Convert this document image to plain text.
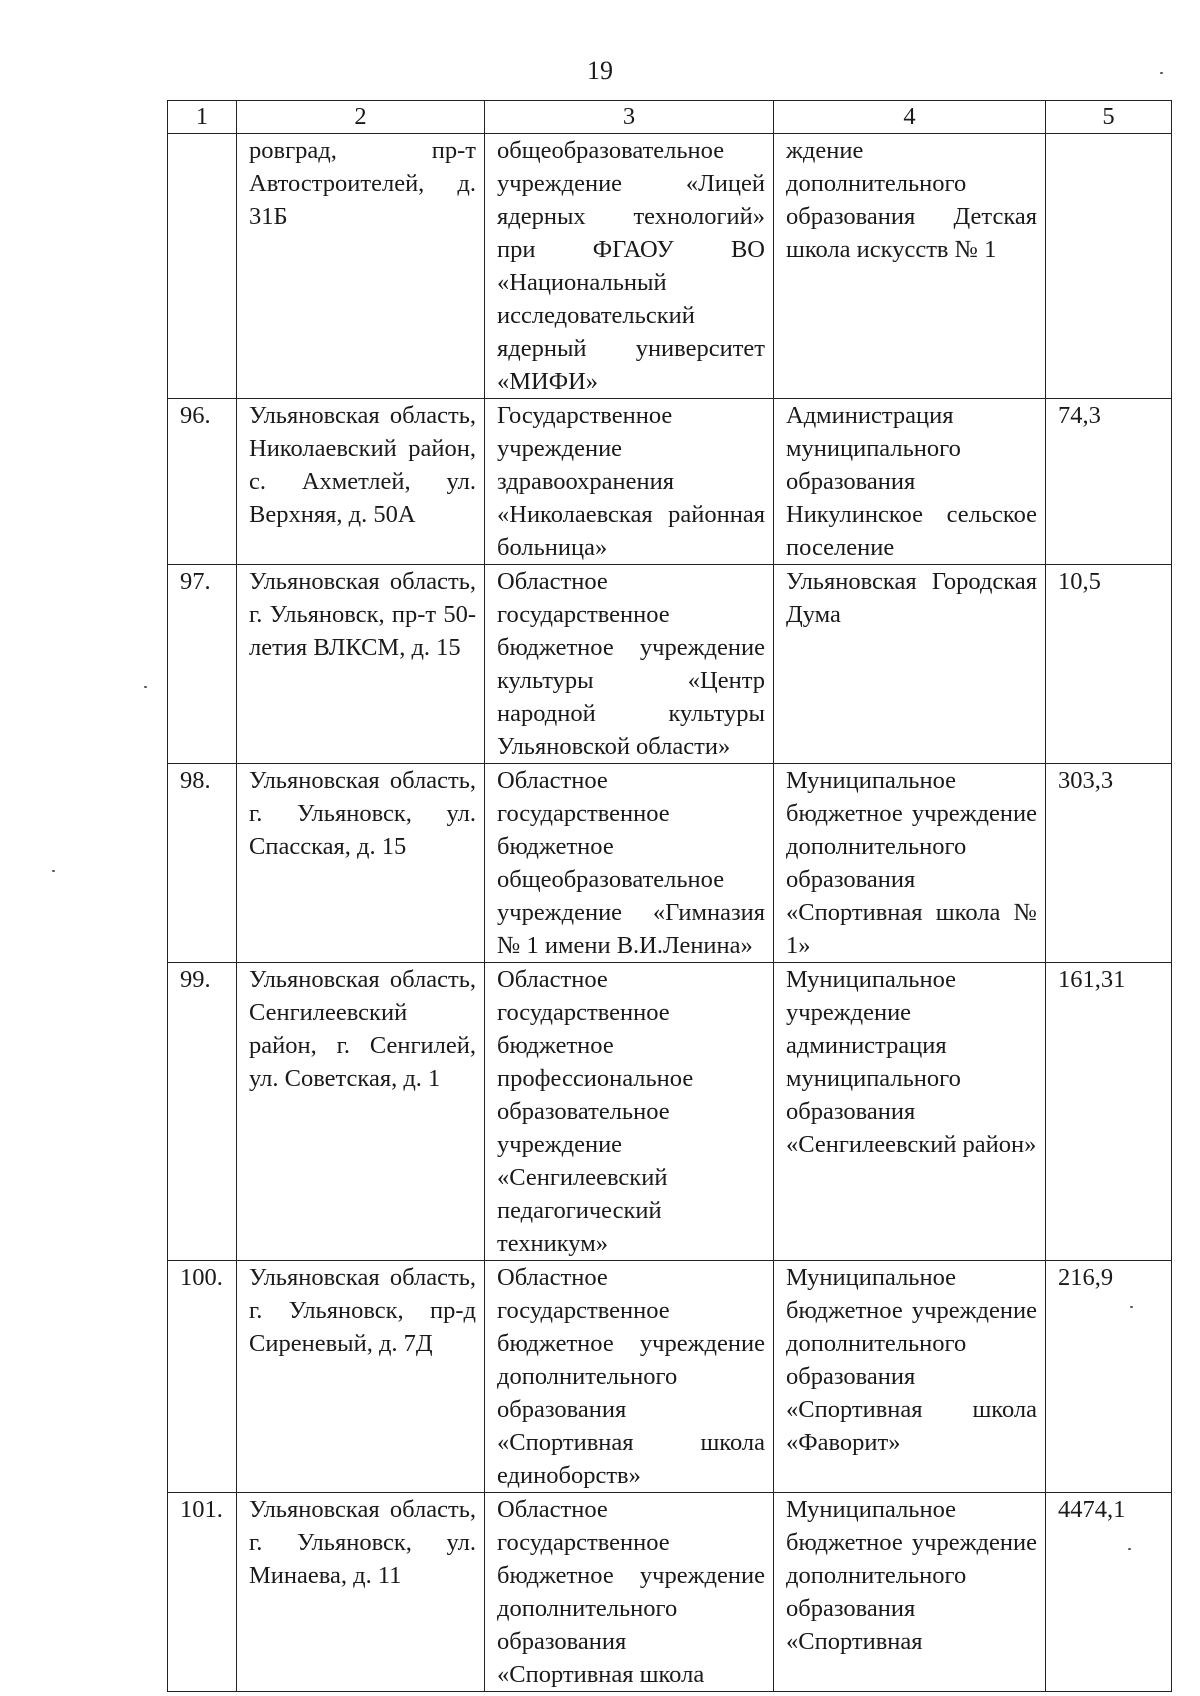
19
1	2	3	4	5
	ровград, пр-т Автостроителей, д. 31Б	общеобразовательное учреждение «Лицей ядерных технологий» при ФГАОУ ВО «Национальный исследовательский ядерный университет «МИФИ»	ждение дополнительного образования Детская школа искусств № 1	
96.	Ульяновская область, Николаевский район, с. Ахметлей, ул. Верхняя, д. 50А	Государственное учреждение здравоохранения «Николаевская районная больница»	Администрация муниципального образования Никулинское сельское поселение	74,3
97.	Ульяновская область, г. Ульяновск, пр-т 50-летия ВЛКСМ, д. 15	Областное государственное бюджетное учреждение культуры «Центр народной культуры Ульяновской области»	Ульяновская Городская Дума	10,5
98.	Ульяновская область, г. Ульяновск, ул. Спасская, д. 15	Областное государственное бюджетное общеобразовательное учреждение «Гимназия № 1 имени В.И.Ленина»	Муниципальное бюджетное учреждение дополнительного образования «Спортивная школа № 1»	303,3
99.	Ульяновская область, Сенгилеевский район, г. Сенгилей, ул. Советская, д. 1	Областное государственное бюджетное профессиональное образовательное учреждение «Сенгилеевский педагогический техникум»	Муниципальное учреждение администрация муниципального образования «Сенгилеевский район»	161,31
100.	Ульяновская область, г. Ульяновск, пр-д Сиреневый, д. 7Д	Областное государственное бюджетное учреждение дополнительного образования «Спортивная школа единоборств»	Муниципальное бюджетное учреждение дополнительного образования «Спортивная школа «Фаворит»	216,9
101.	Ульяновская область, г. Ульяновск, ул. Минаева, д. 11	Областное государственное бюджетное учреждение дополнительного образования «Спортивная школа	Муниципальное бюджетное учреждение дополнительного образования «Спортивная	4474,1
